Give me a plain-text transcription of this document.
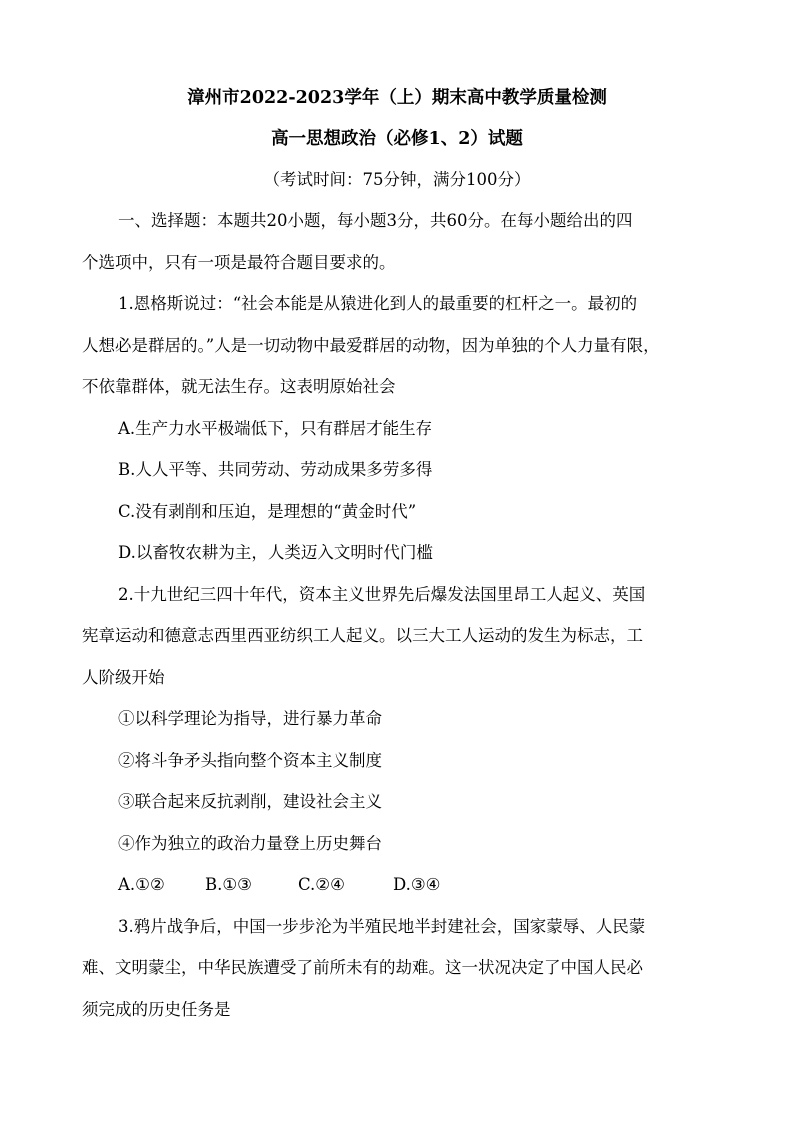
漳州市2022-2023学年（上）期末高中教学质量检测
高一思想政治（必修1、2）试题
（考试时间：75分钟，满分100分）
一、选择题：本题共20小题，每小题3分，共60分。在每小题给出的四
个选项中，只有一项是最符合题目要求的。
1.恩格斯说过：“社会本能是从猿进化到人的最重要的杠杆之一。最初的
人想必是群居的。”人是一切动物中最爱群居的动物，因为单独的个人力量有限，
不依靠群体，就无法生存。这表明原始社会
A.生产力水平极端低下，只有群居才能生存
B.人人平等、共同劳动、劳动成果多劳多得
C.没有剥削和压迫，是理想的“黄金时代”
D.以畜牧农耕为主，人类迈入文明时代门槛
2.十九世纪三四十年代，资本主义世界先后爆发法国里昂工人起义、英国
宪章运动和德意志西里西亚纺织工人起义。以三大工人运动的发生为标志，工
人阶级开始
①以科学理论为指导，进行暴力革命
②将斗争矛头指向整个资本主义制度
③联合起来反抗剥削，建设社会主义
④作为独立的政治力量登上历史舞台
A.①② B.①③	C.②④	D.③④
3.鸦片战争后，中国一步步沦为半殖民地半封建社会，国家蒙辱、人民蒙
难、文明蒙尘，中华民族遭受了前所未有的劫难。这一状况决定了中国人民必
须完成的历史任务是
